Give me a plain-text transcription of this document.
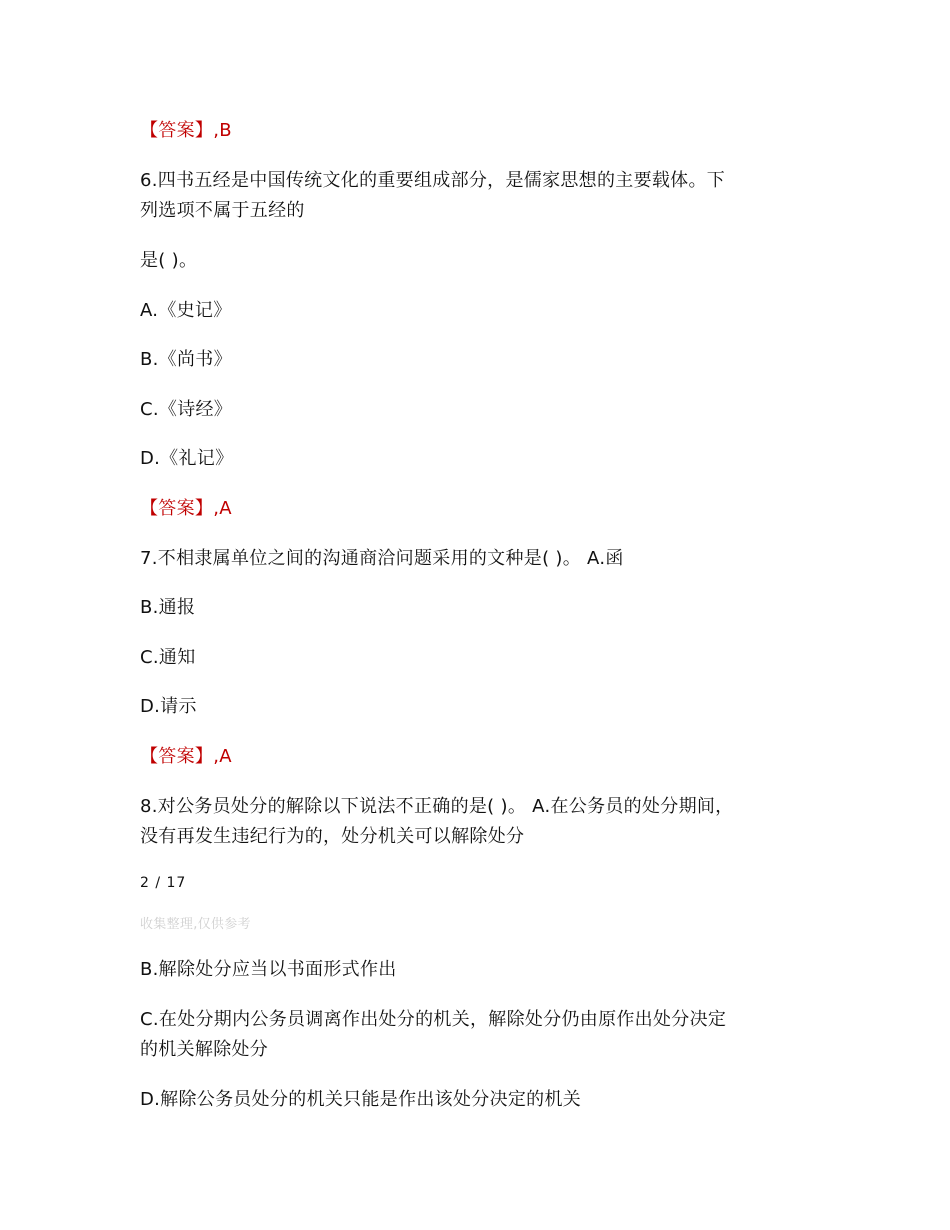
【答案】,B
6.四书五经是中国传统文化的重要组成部分，是儒家思想的主要载体。下
列选项不属于五经的
是( )。
A.《史记》
B.《尚书》
C.《诗经》
D.《礼记》
【答案】,A
7.不相隶属单位之间的沟通商洽问题采用的文种是( )。 A.函
B.通报
C.通知
D.请示
【答案】,A
8.对公务员处分的解除以下说法不正确的是( )。 A.在公务员的处分期间，
没有再发生违纪行为的，处分机关可以解除处分
2 / 17
收集整理,仅供参考
B.解除处分应当以书面形式作出
C.在处分期内公务员调离作出处分的机关，解除处分仍由原作出处分决定
的机关解除处分
D.解除公务员处分的机关只能是作出该处分决定的机关
